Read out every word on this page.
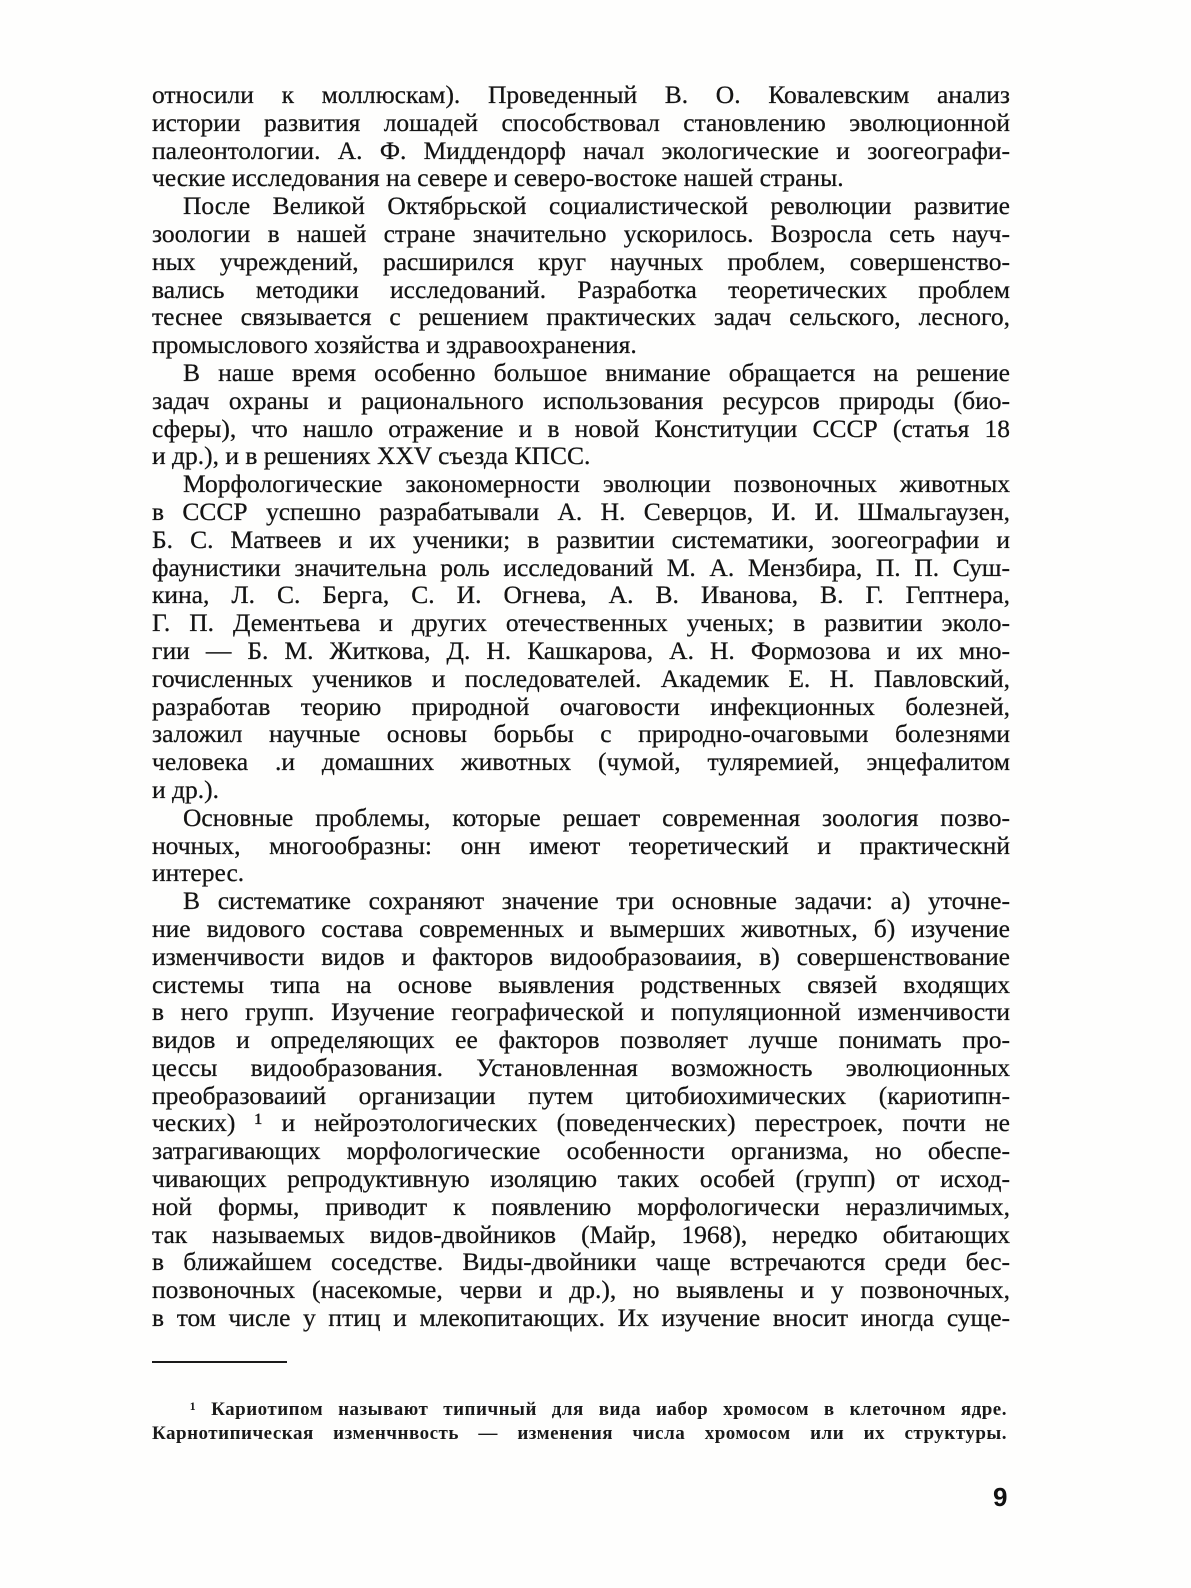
относили к моллюскам). Проведенный В. О. Ковалевским анализ
истории развития лошадей способствовал становлению эволюционной
палеонтологии. А. Ф. Миддендорф начал экологические и зоогеографи-
ческие исследования на севере и северо-востоке нашей страны.
После Великой Октябрьской социалистической революции развитие
зоологии в нашей стране значительно ускорилось. Возросла сеть науч-
ных учреждений, расширился круг научных проблем, совершенство-
вались методики исследований. Разработка теоретических проблем
теснее связывается с решением практических задач сельского, лесного,
промыслового хозяйства и здравоохранения.
В наше время особенно большое внимание обращается на решение
задач охраны и рационального использования ресурсов природы (био-
сферы), что нашло отражение и в новой Конституции СССР (статья 18
и др.), и в решениях XXV съезда КПСС.
Морфологические закономерности эволюции позвоночных животных
в СССР успешно разрабатывали А. Н. Северцов, И. И. Шмальгаузен,
Б. С. Матвеев и их ученики; в развитии систематики, зоогеографии и
фаунистики значительна роль исследований М. А. Мензбира, П. П. Суш-
кина, Л. С. Берга, С. И. Огнева, А. В. Иванова, В. Г. Гептнера,
Г. П. Дементьева и других отечественных ученых; в развитии эколо-
гии — Б. М. Житкова, Д. Н. Кашкарова, А. Н. Формозова и их мно-
гочисленных учеников и последователей. Академик Е. Н. Павловский,
разработав теорию природной очаговости инфекционных болезней,
заложил научные основы борьбы с природно-очаговыми болезнями
человека .и домашних животных (чумой, туляремией, энцефалитом
и др.).
Основные проблемы, которые решает современная зоология позво-
ночных, многообразны: онн имеют теоретический и практическнй
интерес.
В систематике сохраняют значение три основные задачи: а) уточне-
ние видового состава современных и вымерших животных, б) изучение
изменчивости видов и факторов видообразоваиия, в) совершенствование
системы типа на основе выявления родственных связей входящих
в него групп. Изучение географической и популяционной изменчивости
видов и определяющих ее факторов позволяет лучше понимать про-
цессы видообразования. Установленная возможность эволюционных
преобразоваиий организации путем цитобиохимических (кариотипн-
ческих) ¹ и нейроэтологических (поведенческих) перестроек, почти не
затрагивающих морфологические особенности организма, но обеспе-
чивающих репродуктивную изоляцию таких особей (групп) от исход-
ной формы, приводит к появлению морфологически неразличимых,
так называемых видов-двойников (Майр, 1968), нередко обитающих
в ближайшем соседстве. Виды-двойники чаще встречаются среди бес-
позвоночных (насекомые, черви и др.), но выявлены и у позвоночных,
в том числе у птиц и млекопитающих. Их изучение вносит иногда суще-
¹ Кариотипом называют типичный для вида иабор хромосом в клеточном ядре.
Карнотипическая изменчнвость — изменения числа хромосом или их структуры.
9
